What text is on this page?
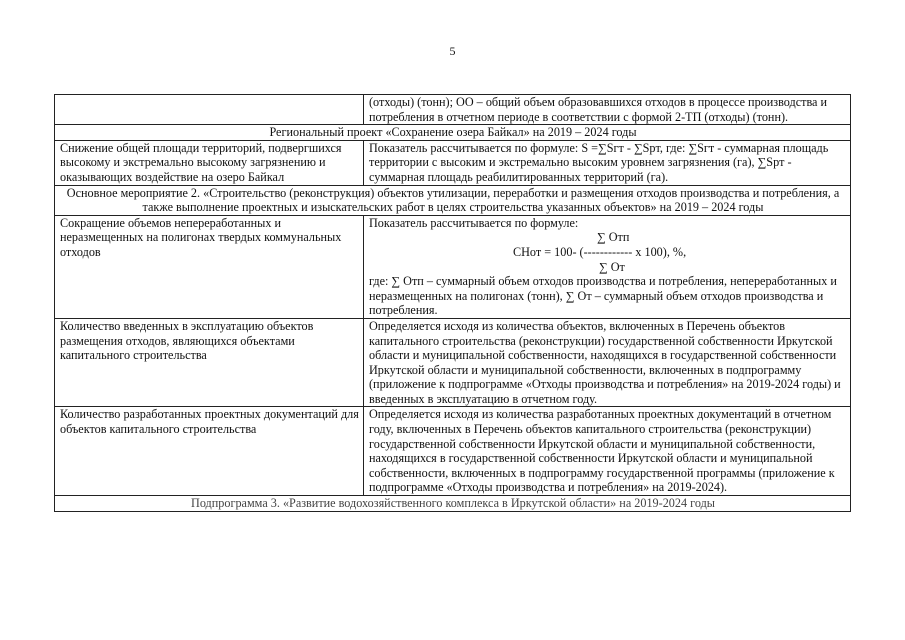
5
	(отходы) (тонн); ОО – общий объем образовавшихся отходов в процессе производства и потребления в отчетном периоде в соответствии с формой 2-ТП (отходы) (тонн).
Региональный проект «Сохранение озера Байкал» на 2019 – 2024 годы	
Снижение общей площади территорий, подвергшихся высокому и экстремально высокому загрязнению и оказывающих воздействие на озеро Байкал	Показатель рассчитывается по формуле: S =∑Sгт - ∑Spт, где: ∑Sгт - суммарная площадь территории с высоким и экстремально высоким уровнем загрязнения (га), ∑Spт - суммарная площадь реабилитированных территорий (га).
Основное мероприятие 2. «Строительство (реконструкция) объектов утилизации, переработки и размещения отходов производства и потребления, а также выполнение проектных и изыскательских работ в целях строительства указанных объектов» на 2019 – 2024 годы	
Сокращение объемов непереработанных и неразмещенных на полигонах твердых коммунальных отходов	Показатель рассчитывается по формуле:
∑ Отп
СНот = 100- (------------ х 100), %,
∑ От
где: ∑ Отп – суммарный объем отходов производства и потребления, непереработанных и неразмещенных на полигонах (тонн), ∑ От – суммарный объем отходов производства и потребления.

Количество введенных в эксплуатацию объектов размещения отходов, являющихся объектами капитального строительства	Определяется исходя из количества объектов, включенных в Перечень объектов капитального строительства (реконструкции) государственной собственности Иркутской области и муниципальной собственности, находящихся в государственной собственности Иркутской области и муниципальной собственности, включенных в подпрограмму (приложение к подпрограмме «Отходы производства и потребления» на 2019-2024 годы) и введенных в эксплуатацию в отчетном году.
Количество разработанных проектных документаций для объектов капитального строительства	Определяется исходя из количества разработанных проектных документаций в отчетном году, включенных в Перечень объектов капитального строительства (реконструкции) государственной собственности Иркутской области и муниципальной собственности, находящихся в государственной собственности Иркутской области и муниципальной собственности, включенных в подпрограмму государственной программы (приложение к подпрограмме «Отходы производства и потребления» на 2019-2024).
Подпрограмма 3. «Развитие водохозяйственного комплекса в Иркутской области» на 2019-2024 годы	
